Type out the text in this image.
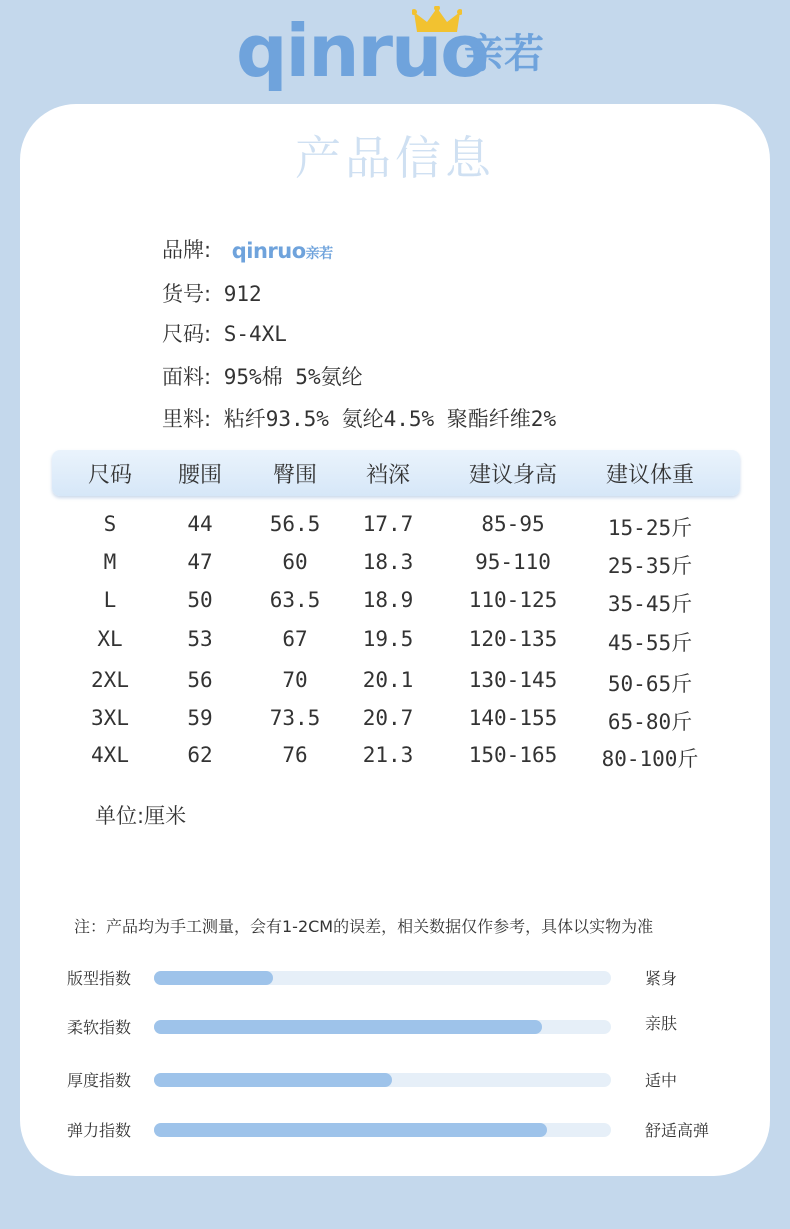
qinruo
亲若
产品信息
品牌: qinruo亲若
货号: 912
尺码: S-4XL
面料: 95%棉 5%氨纶
里料: 粘纤93.5% 氨纶4.5% 聚酯纤维2%
尺码 腰围 臀围 裆深	建议身高 建议体重
S	44	56.5 17.7	85-95	15-25斤
M	47	60	18.3	95-110	25-35斤
L	50	63.5 18.9	110-125 35-45斤
XL	53	67	19.5	120-135 45-55斤
2XL	56	70	20.1	130-145 50-65斤
3XL	59	73.5 20.7	140-155 65-80斤
4XL	62	76	21.3	150-165 80-100斤
单位:厘米
注：产品均为手工测量，会有1-2CM的误差，相关数据仅作参考，具体以实物为准
版型指数	紧身
柔软指数	亲肤
厚度指数	适中
弹力指数	舒适高弹
